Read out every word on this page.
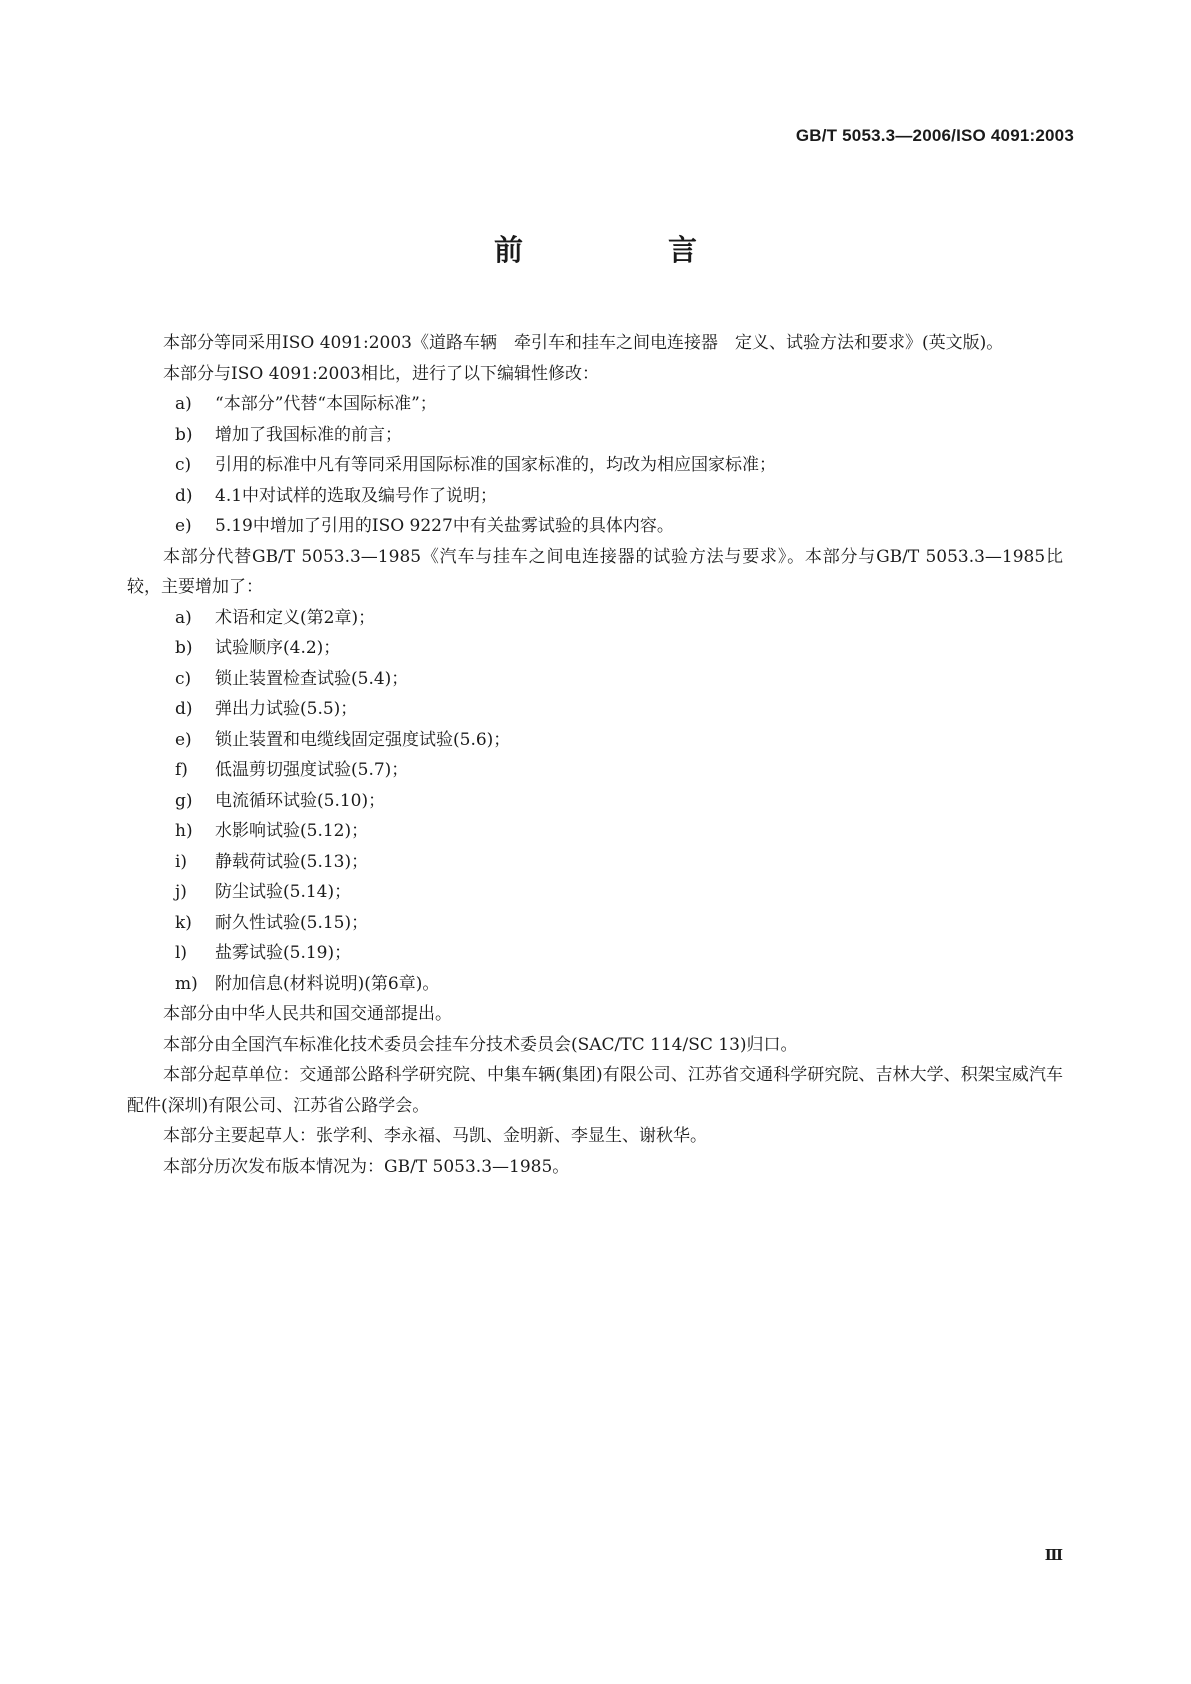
GB/T 5053.3—2006/ISO 4091:2003
前　言

本部分等同采用ISO 4091:2003《道路车辆　牵引车和挂车之间电连接器　定义、试验方法和要求》(英文版)。

本部分与ISO 4091:2003相比，进行了以下编辑性修改：

a)	“本部分”代替“本国际标准”；
b)	增加了我国标准的前言；
c)	引用的标准中凡有等同采用国际标准的国家标准的，均改为相应国家标准；
d)	4.1中对试样的选取及编号作了说明；
e)	5.19中增加了引用的ISO 9227中有关盐雾试验的具体内容。

本部分代替GB/T 5053.3—1985《汽车与挂车之间电连接器的试验方法与要求》。本部分与GB/T 5053.3—1985比较，主要增加了：

a)	术语和定义(第2章)；
b)	试验顺序(4.2)；
c)	锁止装置检查试验(5.4)；
d)	弹出力试验(5.5)；
e)	锁止装置和电缆线固定强度试验(5.6)；
f)	低温剪切强度试验(5.7)；
g)	电流循环试验(5.10)；
h)	水影响试验(5.12)；
i)	静载荷试验(5.13)；
j)	防尘试验(5.14)；
k)	耐久性试验(5.15)；
l)	盐雾试验(5.19)；
m)	附加信息(材料说明)(第6章)。

本部分由中华人民共和国交通部提出。

本部分由全国汽车标准化技术委员会挂车分技术委员会(SAC/TC 114/SC 13)归口。

本部分起草单位：交通部公路科学研究院、中集车辆(集团)有限公司、江苏省交通科学研究院、吉林大学、积架宝威汽车配件(深圳)有限公司、江苏省公路学会。

本部分主要起草人：张学利、李永福、马凯、金明新、李显生、谢秋华。

本部分历次发布版本情况为：GB/T 5053.3—1985。

Ⅲ
